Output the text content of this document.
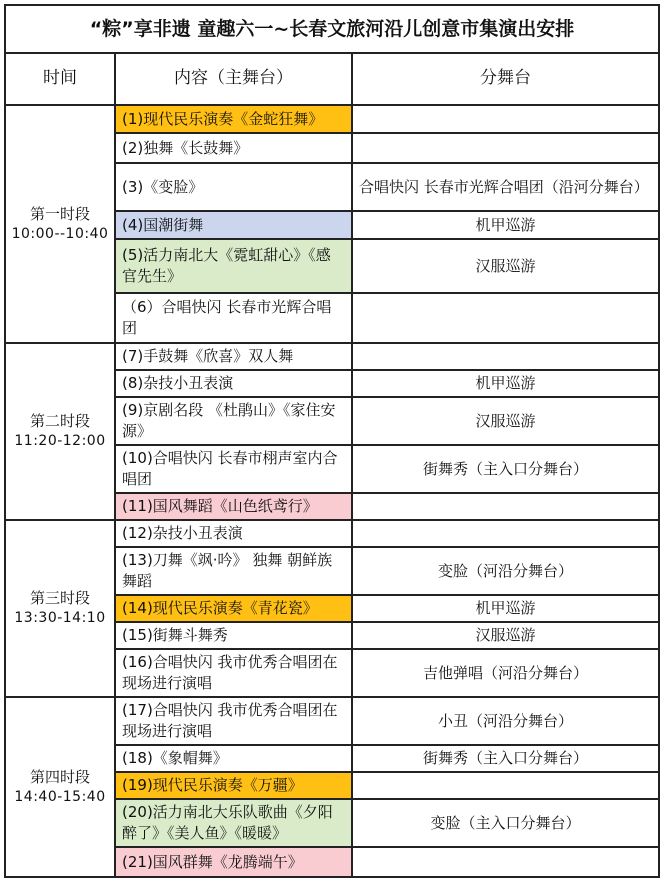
“粽”享非遗 童趣六一~长春文旅河沿儿创意市集演出安排		
时间	内容（主舞台）	分舞台

第一时段
10:00--10:40	(1)现代民乐演奏《金蛇狂舞》	
	(2)独舞《长鼓舞》	
	(3)《变脸》	合唱快闪 长春市光辉合唱团（沿河分舞台）
	(4)国潮街舞	机甲巡游
	(5)活力南北大《霓虹甜心》《感官先生》	汉服巡游
	（6）合唱快闪 长春市光辉合唱团	

第二时段
11:20-12:00	(7)手鼓舞《欣喜》双人舞	
	(8)杂技小丑表演	机甲巡游
	(9)京剧名段 《杜鹃山》《家住安源》	汉服巡游
	(10)合唱快闪 长春市栩声室内合唱团	街舞秀（主入口分舞台）
	(11)国风舞蹈《山色纸鸢行》	

第三时段
13:30-14:10	(12)杂技小丑表演	
	(13)刀舞《飒·吟》 独舞 朝鲜族舞蹈	变脸（河沿分舞台）
	(14)现代民乐演奏《青花瓷》	机甲巡游
	(15)街舞斗舞秀	汉服巡游
	(16)合唱快闪 我市优秀合唱团在现场进行演唱	吉他弹唱（河沿分舞台）

第四时段
14:40-15:40	(17)合唱快闪 我市优秀合唱团在现场进行演唱	小丑（河沿分舞台）
	(18)《象帽舞》	街舞秀（主入口分舞台）
	(19)现代民乐演奏《万疆》	
	(20)活力南北大乐队歌曲《夕阳醉了》《美人鱼》《暖暖》	变脸（主入口分舞台）
	(21)国风群舞《龙腾端午》	
